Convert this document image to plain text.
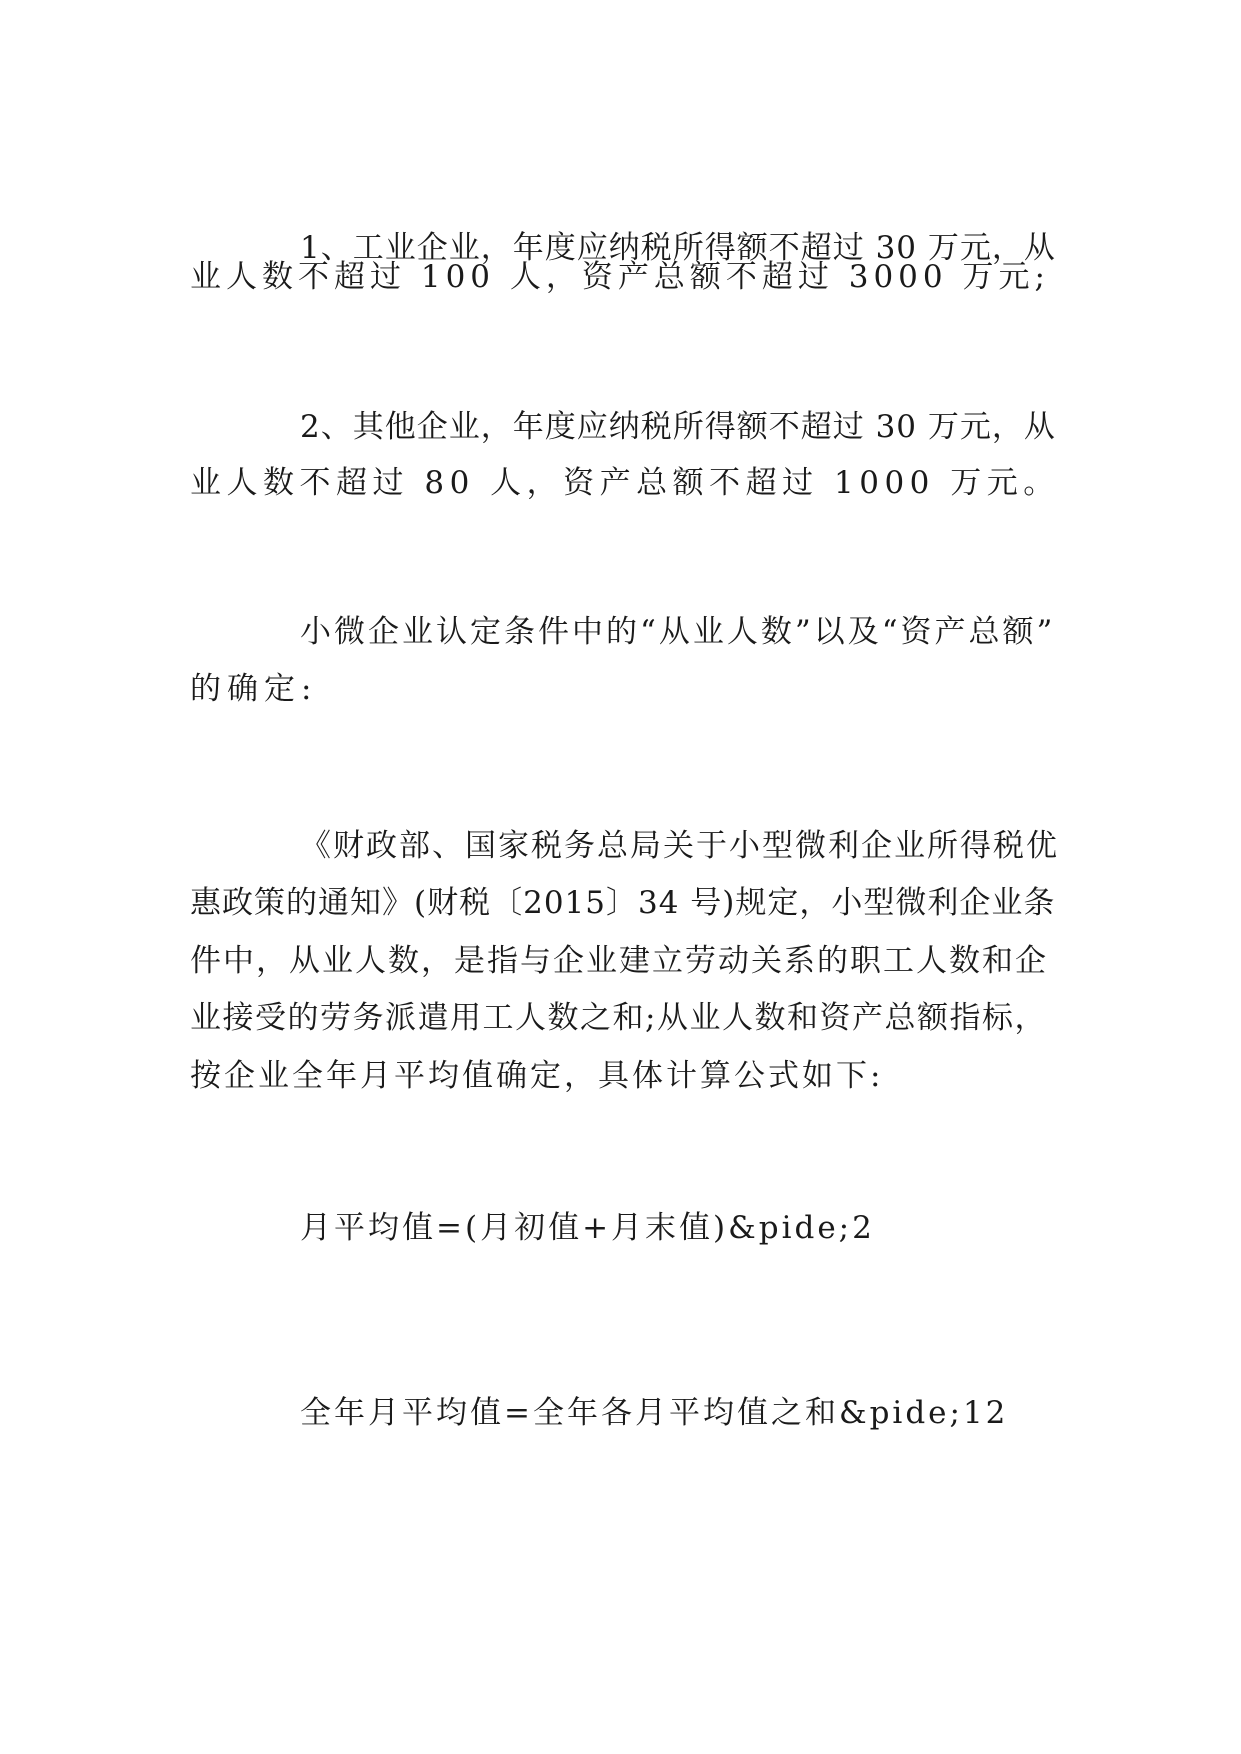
1、工业企业，年度应纳税所得额不超过 30 万元，从
业人数不超过 100 人，资产总额不超过 3000 万元;
2、其他企业，年度应纳税所得额不超过 30 万元，从
业人数不超过 80 人，资产总额不超过 1000 万元。
小微企业认定条件中的“从业人数”以及“资产总额”
的确定:
《财政部、国家税务总局关于小型微利企业所得税优
惠政策的通知》(财税〔2015〕34 号)规定，小型微利企业条
件中，从业人数，是指与企业建立劳动关系的职工人数和企
业接受的劳务派遣用工人数之和;从业人数和资产总额指标，
按企业全年月平均值确定，具体计算公式如下:
月平均值=(月初值+月末值)&pide;2
全年月平均值=全年各月平均值之和&pide;12
